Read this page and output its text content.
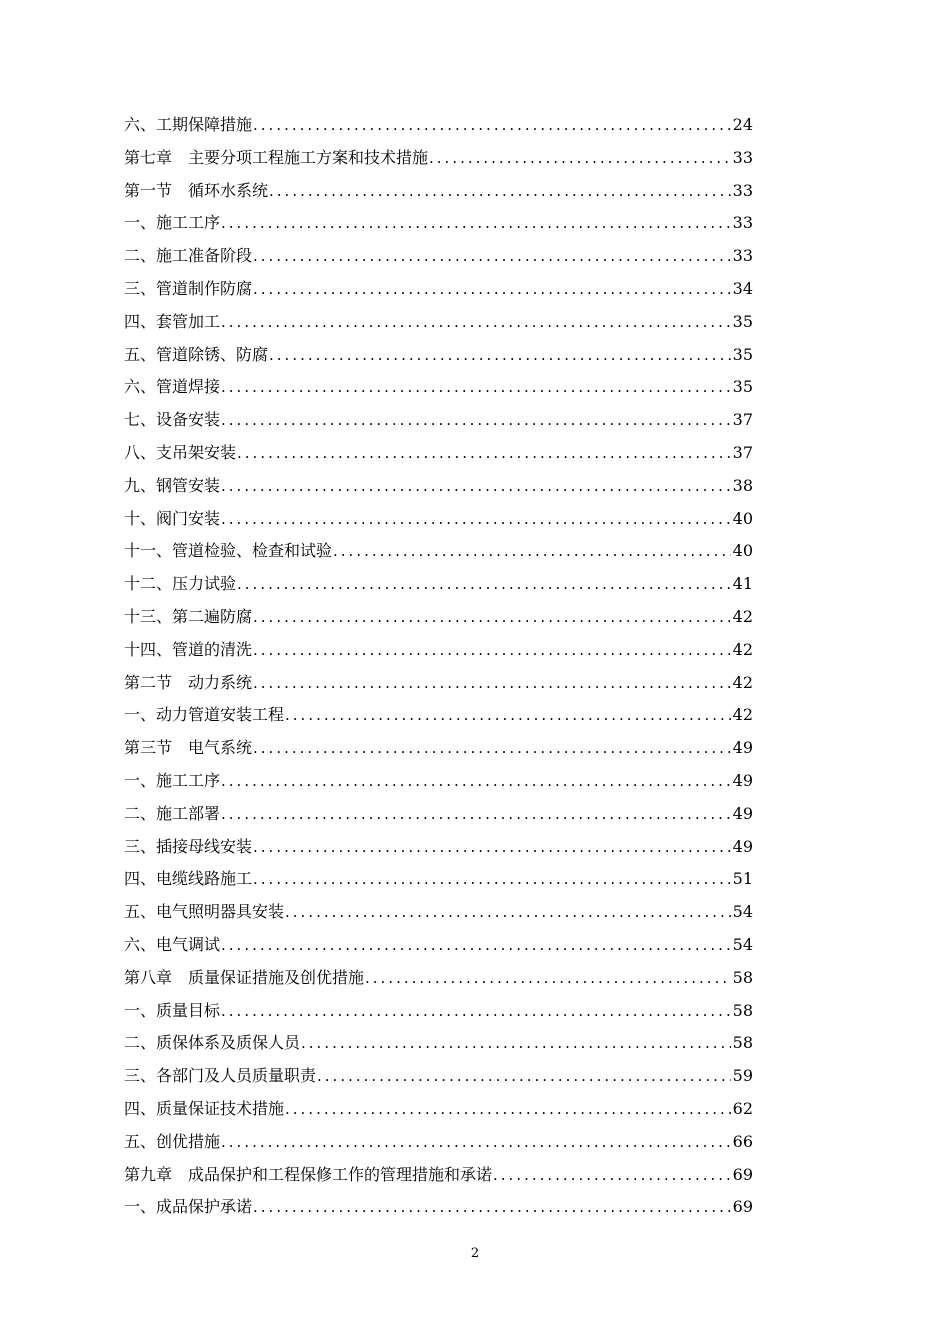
六、工期保障措施 .....	24
第七章　主要分项工程施工方案和技术措施 .....	33
第一节　循环水系统 .....	33
一、施工工序 .....	33
二、施工准备阶段 .....	33
三、管道制作防腐 .....	34
四、套管加工 .....	35
五、管道除锈、防腐 .....	35
六、管道焊接 .....	35
七、设备安装 .....	37
八、支吊架安装 .....	37
九、钢管安装 .....	38
十、阀门安装 .....	40
十一、管道检验、检查和试验 .....	40
十二、压力试验 .....	41
十三、第二遍防腐 .....	42
十四、管道的清洗 .....	42
第二节　动力系统 .....	42
一、动力管道安装工程 .....	42
第三节　电气系统 .....	49
一、施工工序 .....	49
二、施工部署 .....	49
三、插接母线安装 .....	49
四、电缆线路施工 .....	51
五、电气照明器具安装 .....	54
六、电气调试 .....	54
第八章　质量保证措施及创优措施 .....	58
一、质量目标 .....	58
二、质保体系及质保人员 .....	58
三、各部门及人员质量职责 .....	59
四、质量保证技术措施 .....	62
五、创优措施 .....	66
第九章　成品保护和工程保修工作的管理措施和承诺 .....	69
一、成品保护承诺 .....	69
2
